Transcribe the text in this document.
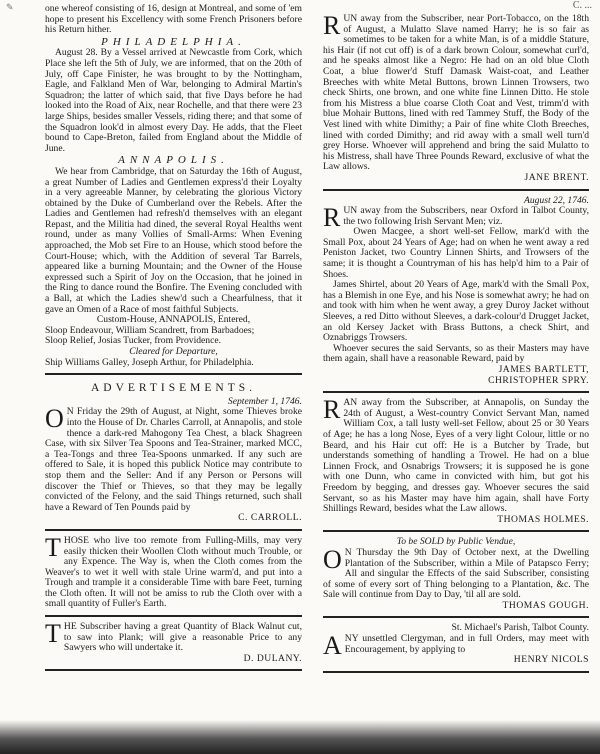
✎	C. ...

one whereof consisting of 16, design at Montreal, and some of 'em hope to present his Excellency with some French Prisoners before his Return hither.

PHILADELPHIA.

August 28. By a Vessel arrived at Newcastle from Cork, which Place she left the 5th of July, we are informed, that on the 20th of July, off Cape Finister, he was brought to by the Nottingham, Eagle, and Falkland Men of War, belonging to Admiral Martin's Squadron; the latter of which said, that five Days before he had looked into the Road of Aix, near Rochelle, and that there were 23 large Ships, besides smaller Vessels, riding there; and that some of the Squadron look'd in almost every Day. He adds, that the Fleet bound to Cape-Breton, failed from England about the Middle of June.

ANNAPOLIS.

We hear from Cambridge, that on Saturday the 16th of August, a great Number of Ladies and Gentlemen express'd their Loyalty in a very agreeable Manner, by celebrating the glorious Victory obtained by the Duke of Cumberland over the Rebels. After the Ladies and Gentlemen had refresh'd themselves with an elegant Repast, and the Militia had dined, the several Royal Healths went round, under as many Vollies of Small-Arms: When Evening approached, the Mob set Fire to an House, which stood before the Court-House; which, with the Addition of several Tar Barrels, appeared like a burning Mountain; and the Owner of the House expressed such a Spirit of Joy on the Occasion, that he joined in the Ring to dance round the Bonfire. The Evening concluded with a Ball, at which the Ladies shew'd such a Chearfulness, that it gave an Omen of a Race of most faithful Subjects.

Custom-House, ANNAPOLIS, Entered,
Sloop Endeavour, William Scandrett, from Barbadoes;
Sloop Relief, Josias Tucker, from Providence.
Cleared for Departure,
Ship Williams Galley, Joseph Arthur, for Philadelphia.
ADVERTISEMENTS.
September 1, 1746.
O N Friday the 29th of August, at Night, some Thieves broke into the House of Dr. Charles Carroll, at Annapolis, and stole thence a dark-red Mahogony Tea Chest, a black Shagreen Case, with six Silver Tea Spoons and Tea-Strainer, marked MCC, a Tea-Tongs and three Tea-Spoons unmarked. If any such are offered to Sale, it is hoped this publick Notice may contribute to stop them and the Seller: And if any Person or Persons will discover the Thief or Thieves, so that they may be legally convicted of the Felony, and the said Things returned, such shall have a Reward of Ten Pounds paid by
C. CARROLL.
T HOSE who live too remote from Fulling-Mills, may very easily thicken their Woollen Cloth without much Trouble, or any Expence. The Way is, when the Cloth comes from the Weaver's to wet it well with stale Urine warm'd, and put into a Trough and trample it a considerable Time with bare Feet, turning the Cloth often. It will not be amiss to rub the Cloth over with a small quantity of Fuller's Earth.
T HE Subscriber having a great Quantity of Black Walnut cut, to saw into Plank; will give a reasonable Price to any Sawyers who will undertake it.
D. DULANY.
R UN away from the Subscriber, near Port-Tobacco, on the 18th of August, a Mulatto Slave named Harry; he is so fair as sometimes to be taken for a white Man, is of a middle Stature, his Hair (if not cut off) is of a dark brown Colour, somewhat curl'd, and he speaks almost like a Negro: He had on an old blue Cloth Coat, a blue flower'd Stuff Damask Waist-coat, and Leather Breeches with white Metal Buttons, brown Linnen Trowsers, two check Shirts, one brown, and one white fine Linnen Ditto. He stole from his Mistress a blue coarse Cloth Coat and Vest, trimm'd with blue Mohair Buttons, lined with red Tammey Stuff, the Body of the Vest lined with white Dimithy; a Pair of fine white Cloth Breeches, lined with corded Dimithy; and rid away with a small well turn'd grey Horse. Whoever will apprehend and bring the said Mulatto to his Mistress, shall have Three Pounds Reward, exclusive of what the Law allows.
JANE BRENT.
August 22, 1746.
R UN away from the Subscribers, near Oxford in Talbot County, the two following Irish Servant Men; viz.

Owen Macgee, a short well-set Fellow, mark'd with the Small Pox, about 24 Years of Age; had on when he went away a red Peniston Jacket, two Country Linnen Shirts, and Trowsers of the same; it is thought a Countryman of his has help'd him to a Pair of Shoes.

James Shirtel, about 20 Years of Age, mark'd with the Small Pox, has a Blemish in one Eye, and his Nose is somewhat awry; he had on and took with him when he went away, a grey Duroy Jacket without Sleeves, a red Ditto without Sleeves, a dark-colour'd Drugget Jacket, an old Kersey Jacket with Brass Buttons, a check Shirt, and Oznabriggs Trowsers.

Whoever secures the said Servants, so as their Masters may have them again, shall have a reasonable Reward, paid by

JAMES BARTLETT,
CHRISTOPHER SPRY.
R AN away from the Subscriber, at Annapolis, on Sunday the 24th of August, a West-country Convict Servant Man, named William Cox, a tall lusty well-set Fellow, about 25 or 30 Years of Age; he has a long Nose, Eyes of a very light Colour, little or no Beard, and his Hair cut off: He is a Butcher by Trade, but understands something of handling a Trowel. He had on a blue Linnen Frock, and Osnabrigs Trowsers; it is supposed he is gone with one Dunn, who came in convicted with him, but got his Freedom by begging, and dresses gay. Whoever secures the said Servant, so as his Master may have him again, shall have Forty Shillings Reward, besides what the Law allows.
THOMAS HOLMES.
To be SOLD by Public Vendue,
O N Thursday the 9th Day of October next, at the Dwelling Plantation of the Subscriber, within a Mile of Patapsco Ferry; All and singular the Effects of the said Subscriber, consisting of some of every sort of Thing belonging to a Plantation, &c. The Sale will continue from Day to Day, 'til all are sold.
THOMAS GOUGH.
St. Michael's Parish, Talbot County.
A NY unsettled Clergyman, and in full Orders, may meet with Encouragement, by applying to
HENRY NICOLS
